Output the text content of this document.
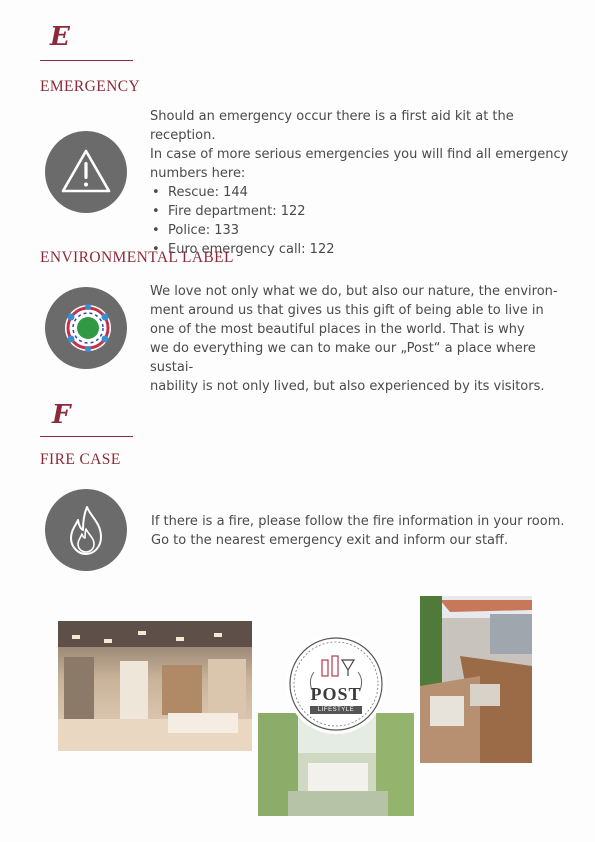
E
EMERGENCY

Should an emergency occur there is a first aid kit at the reception.
In case of more serious emergencies you will find all emergency
numbers here:

• Rescue: 144
• Fire department: 122
• Police: 133
• Euro emergency call: 122
ENVIRONMENTAL LABEL

We love not only what we do, but also our nature, the environ-
ment around us that gives us this gift of being able to live in
one of the most beautiful places in the world. That is why
we do everything we can to make our „Post“ a place where sustai-
nability is not only lived, but also experienced by its visitors.

F
FIRE CASE

If there is a fire, please follow the fire information in your room.
Go to the nearest emergency exit and inform our staff.

POST
LIFESTYLE
